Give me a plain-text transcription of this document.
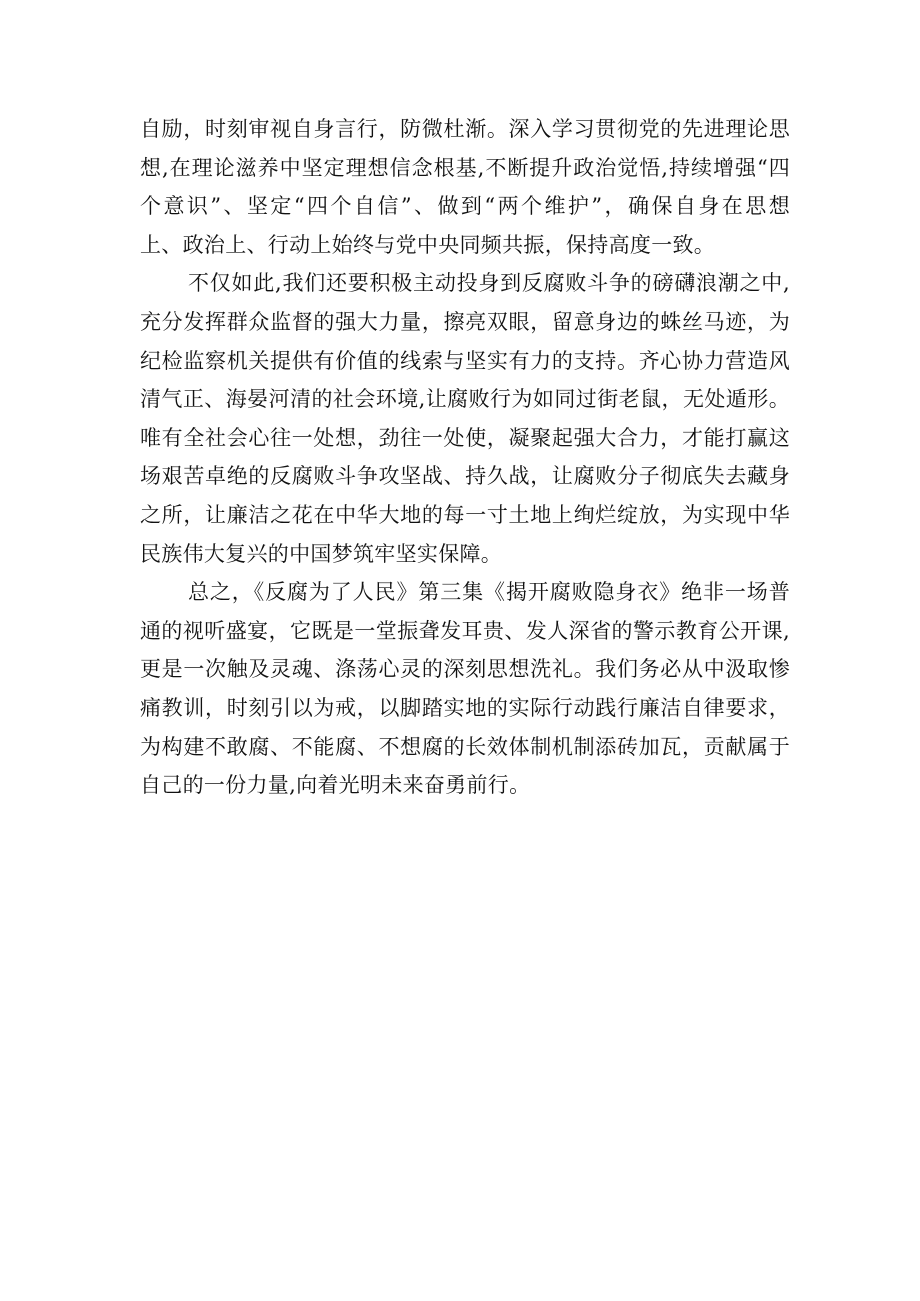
自励，时刻审视自身言行，防微杜渐。深入学习贯彻党的先进理论思
想,在理论滋养中坚定理想信念根基,不断提升政治觉悟,持续增强“四
个意识”、坚定“四个自信”、做到“两个维护”，确保自身在思想
上、政治上、行动上始终与党中央同频共振，保持高度一致。
不仅如此,我们还要积极主动投身到反腐败斗争的磅礴浪潮之中,
充分发挥群众监督的强大力量，擦亮双眼，留意身边的蛛丝马迹，为
纪检监察机关提供有价值的线索与坚实有力的支持。齐心协力营造风
清气正、海晏河清的社会环境,让腐败行为如同过街老鼠，无处遁形。
唯有全社会心往一处想，劲往一处使，凝聚起强大合力，才能打赢这
场艰苦卓绝的反腐败斗争攻坚战、持久战，让腐败分子彻底失去藏身
之所，让廉洁之花在中华大地的每一寸土地上绚烂绽放，为实现中华
民族伟大复兴的中国梦筑牢坚实保障。
总之，《反腐为了人民》第三集《揭开腐败隐身衣》绝非一场普
通的视听盛宴，它既是一堂振聋发耳贵、发人深省的警示教育公开课,
更是一次触及灵魂、涤荡心灵的深刻思想洗礼。我们务必从中汲取惨
痛教训，时刻引以为戒，以脚踏实地的实际行动践行廉洁自律要求，
为构建不敢腐、不能腐、不想腐的长效体制机制添砖加瓦，贡献属于
自己的一份力量,向着光明未来奋勇前行。
